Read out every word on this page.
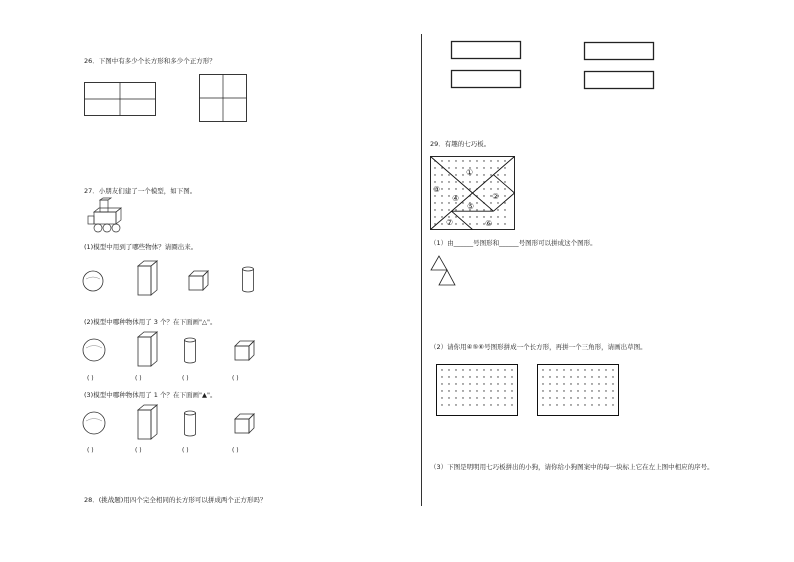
26．下图中有多少个长方形和多少个正方形？
27．小朋友们建了一个模型，如下图。
(1)模型中用到了哪些物体？请圈出来。
(2)模型中哪种物体用了 3 个？在下面画"△"。
( )	( )	( )	( )
(3)模型中哪种物体用了 1 个？在下面画"▲"。
( )	( )	( )	( )
28．(挑战题)用四个完全相同的长方形可以拼成两个正方形吗？
29．有趣的七巧板。
①
②
③
④
⑤
⑥
⑦
（1）由______号图形和______号图形可以拼成这个图形。
（2）请你用④⑤⑥号图形拼成一个长方形，再拼一个三角形，请画出草图。
（3）下图是明明用七巧板拼出的小狗，请你给小狗图案中的每一块标上它在左上图中相应的序号。
